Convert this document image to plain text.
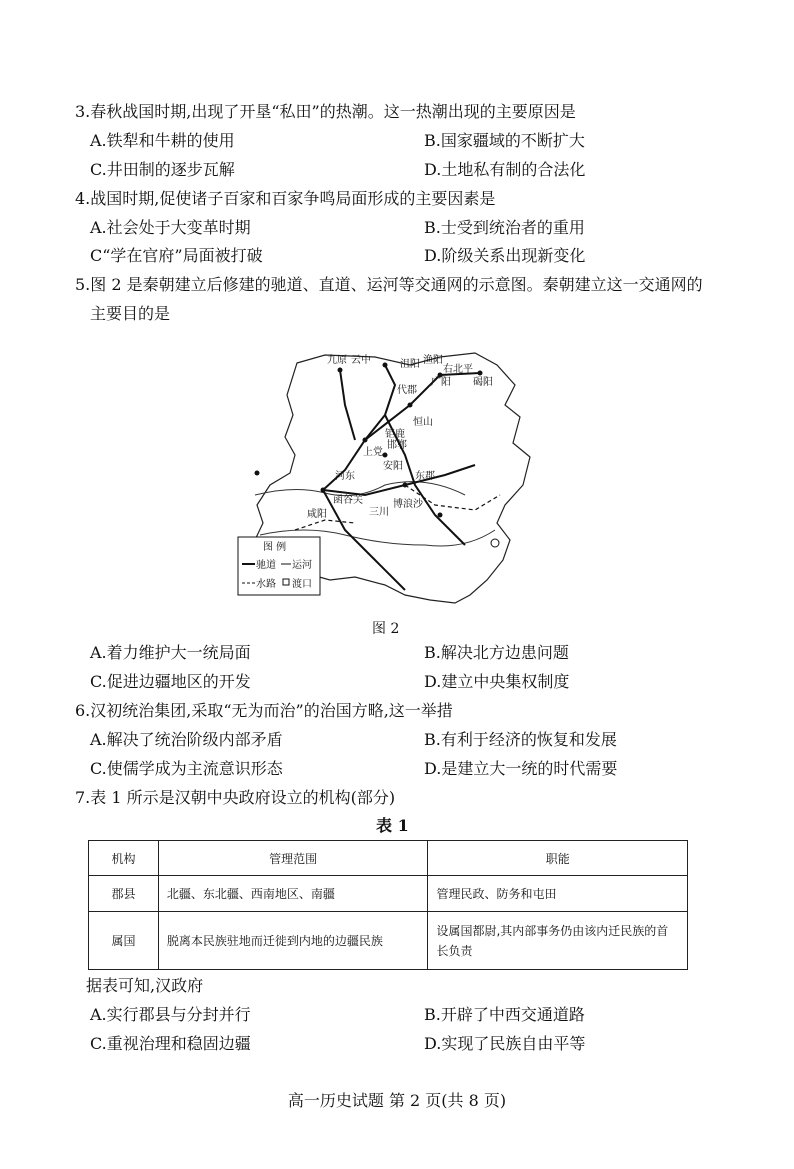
3.春秋战国时期,出现了开垦“私田”的热潮。这一热潮出现的主要原因是
A.铁犁和牛耕的使用	B.国家疆域的不断扩大
C.井田制的逐步瓦解	D.土地私有制的合法化
4.战国时期,促使诸子百家和百家争鸣局面形成的主要因素是
A.社会处于大变革时期	B.士受到统治者的重用
C“学在官府”局面被打破	D.阶级关系出现新变化
5.图 2 是秦朝建立后修建的驰道、直道、运河等交通网的示意图。秦朝建立这一交通网的
主要目的是
九原 云中	沮阳 渔阳
右北平
广阳 碣阳
代郡
恒山
钜鹿
邯郸
上党
安阳
东郡
河东
函谷关
三川
咸阳
博浪沙
图 例
驰道 运河
水路 渡口
图 2
A.着力维护大一统局面	B.解决北方边患问题
C.促进边疆地区的开发	D.建立中央集权制度
6.汉初统治集团,采取“无为而治”的治国方略,这一举措
A.解决了统治阶级内部矛盾	B.有利于经济的恢复和发展
C.使儒学成为主流意识形态	D.是建立大一统的时代需要
7.表 1 所示是汉朝中央政府设立的机构(部分)
表 1
机构	管理范围	职能
郡县	北疆、东北疆、西南地区、南疆	管理民政、防务和屯田
属国	脱离本民族驻地而迁徙到内地的边疆民族	设属国都尉,其内部事务仍由该内迁民族的首长负责
据表可知,汉政府
A.实行郡县与分封并行	B.开辟了中西交通道路
C.重视治理和稳固边疆	D.实现了民族自由平等
高一历史试题 第 2 页(共 8 页)
